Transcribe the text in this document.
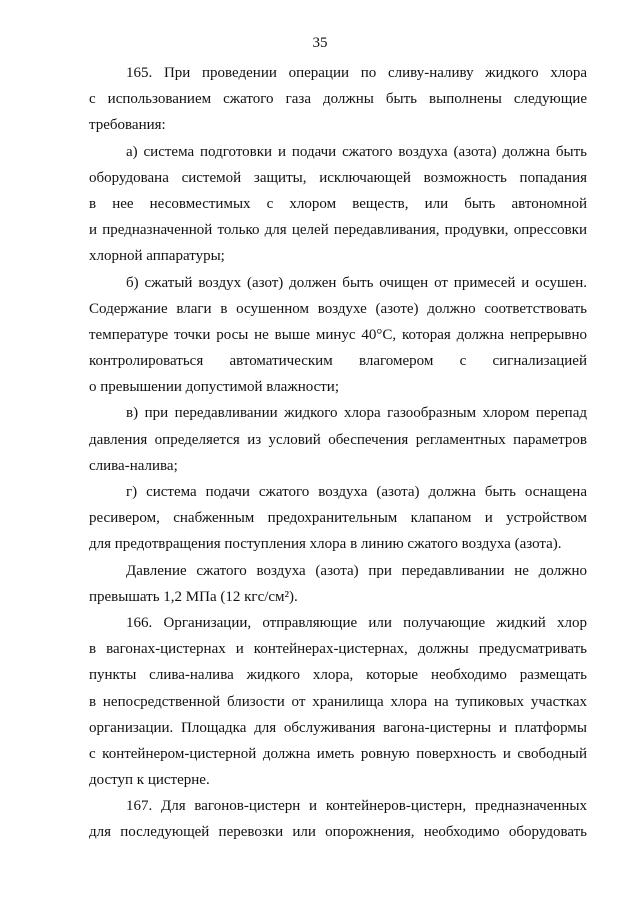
35
165. При проведении операции по сливу-наливу жидкого хлора
с использованием сжатого газа должны быть выполнены следующие
требования:
а) система подготовки и подачи сжатого воздуха (азота) должна быть
оборудована системой защиты, исключающей возможность попадания
в нее несовместимых с хлором веществ, или быть автономной
и предназначенной только для целей передавливания, продувки, опрессовки
хлорной аппаратуры;
б) сжатый воздух (азот) должен быть очищен от примесей и осушен.
Содержание влаги в осушенном воздухе (азоте) должно соответствовать
температуре точки росы не выше минус 40°С, которая должна непрерывно
контролироваться автоматическим влагомером с сигнализацией
о превышении допустимой влажности;
в) при передавливании жидкого хлора газообразным хлором перепад
давления определяется из условий обеспечения регламентных параметров
слива-налива;
г) система подачи сжатого воздуха (азота) должна быть оснащена
ресивером, снабженным предохранительным клапаном и устройством
для предотвращения поступления хлора в линию сжатого воздуха (азота).
Давление сжатого воздуха (азота) при передавливании не должно
превышать 1,2 МПа (12 кгс/см²).
166. Организации, отправляющие или получающие жидкий хлор
в вагонах-цистернах и контейнерах-цистернах, должны предусматривать
пункты слива-налива жидкого хлора, которые необходимо размещать
в непосредственной близости от хранилища хлора на тупиковых участках
организации. Площадка для обслуживания вагона-цистерны и платформы
с контейнером-цистерной должна иметь ровную поверхность и свободный
доступ к цистерне.
167. Для вагонов-цистерн и контейнеров-цистерн, предназначенных
для последующей перевозки или опорожнения, необходимо оборудовать
